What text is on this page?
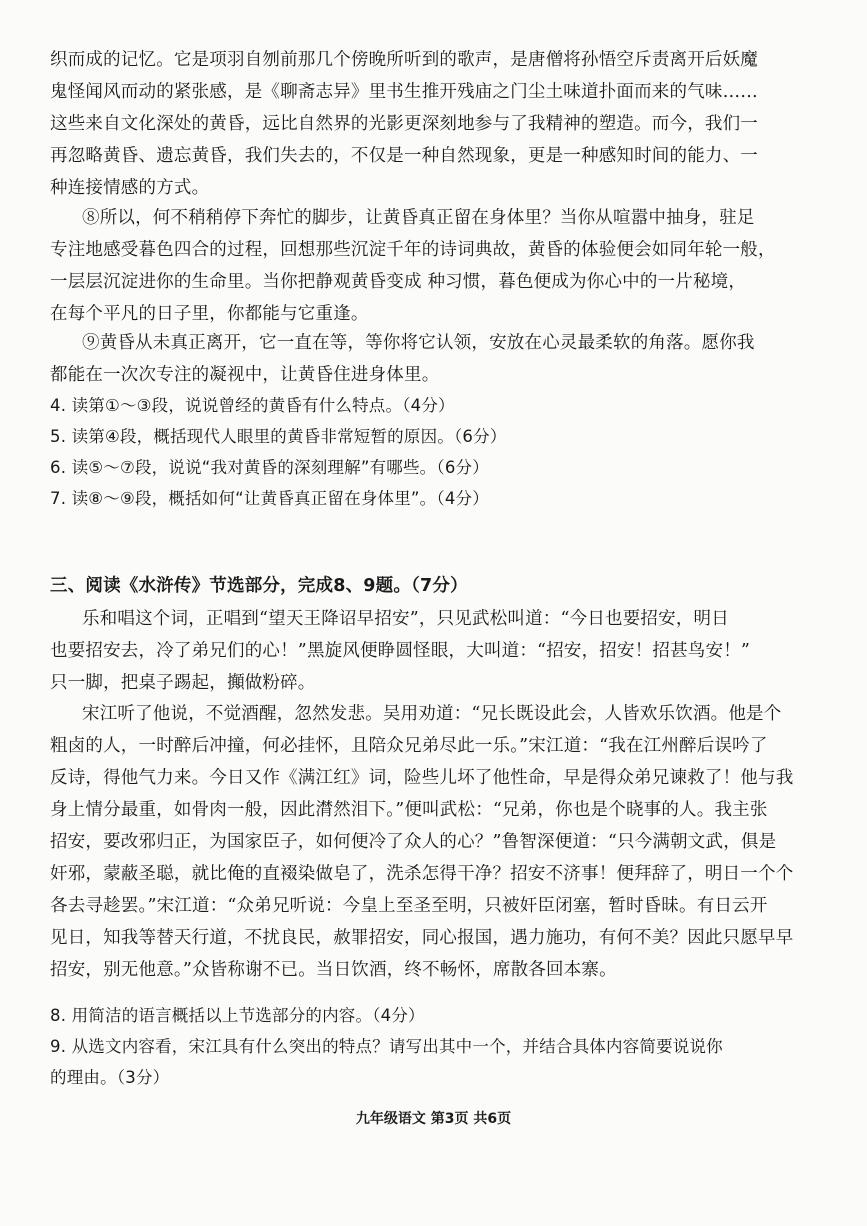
织而成的记忆。它是项羽自刎前那几个傍晚所听到的歌声，是唐僧将孙悟空斥责离开后妖魔
鬼怪闻风而动的紧张感，是《聊斋志异》里书生推开残庙之门尘土味道扑面而来的气味……
这些来自文化深处的黄昏，远比自然界的光影更深刻地参与了我精神的塑造。而今，我们一
再忽略黄昏、遗忘黄昏，我们失去的，不仅是一种自然现象，更是一种感知时间的能力、一
种连接情感的方式。
⑧所以，何不稍稍停下奔忙的脚步，让黄昏真正留在身体里？当你从喧嚣中抽身，驻足
专注地感受暮色四合的过程，回想那些沉淀千年的诗词典故，黄昏的体验便会如同年轮一般，
一层层沉淀进你的生命里。当你把静观黄昏变成 种习惯，暮色便成为你心中的一片秘境，
在每个平凡的日子里，你都能与它重逢。
⑨黄昏从未真正离开，它一直在等，等你将它认领，安放在心灵最柔软的角落。愿你我
都能在一次次专注的凝视中，让黄昏住进身体里。
4. 读第①～③段，说说曾经的黄昏有什么特点。（4分）
5. 读第④段，概括现代人眼里的黄昏非常短暂的原因。（6分）
6. 读⑤～⑦段，说说“我对黄昏的深刻理解”有哪些。（6分）
7. 读⑧～⑨段，概括如何“让黄昏真正留在身体里”。（4分）
三、阅读《水浒传》节选部分，完成8、9题。（7分）
乐和唱这个词，正唱到“望天王降诏早招安”，只见武松叫道：“今日也要招安，明日
也要招安去，冷了弟兄们的心！”黑旋风便睁圆怪眼，大叫道：“招安，招安！招甚鸟安！”
只一脚，把桌子踢起，攧做粉碎。
宋江听了他说，不觉酒醒，忽然发悲。吴用劝道：“兄长既设此会，人皆欢乐饮酒。他是个
粗卤的人，一时醉后冲撞，何必挂怀，且陪众兄弟尽此一乐。”宋江道：“我在江州醉后误吟了
反诗，得他气力来。今日又作《满江红》词，险些儿坏了他性命，早是得众弟兄谏救了！他与我
身上情分最重，如骨肉一般，因此潸然泪下。”便叫武松：“兄弟，你也是个晓事的人。我主张
招安，要改邪归正，为国家臣子，如何便冷了众人的心？”鲁智深便道：“只今满朝文武，俱是
奸邪，蒙蔽圣聪，就比俺的直裰染做皂了，洗杀怎得干净？招安不济事！便拜辞了，明日一个个
各去寻趁罢。”宋江道：“众弟兄听说：今皇上至圣至明，只被奸臣闭塞，暂时昏昧。有日云开
见日，知我等替天行道，不扰良民，赦罪招安，同心报国，遇力施功，有何不美？因此只愿早早
招安，别无他意。”众皆称谢不已。当日饮酒，终不畅怀，席散各回本寨。
8. 用简洁的语言概括以上节选部分的内容。（4分）
9. 从选文内容看，宋江具有什么突出的特点？请写出其中一个，并结合具体内容简要说说你
的理由。（3分）
九年级语文 第3页 共6页
